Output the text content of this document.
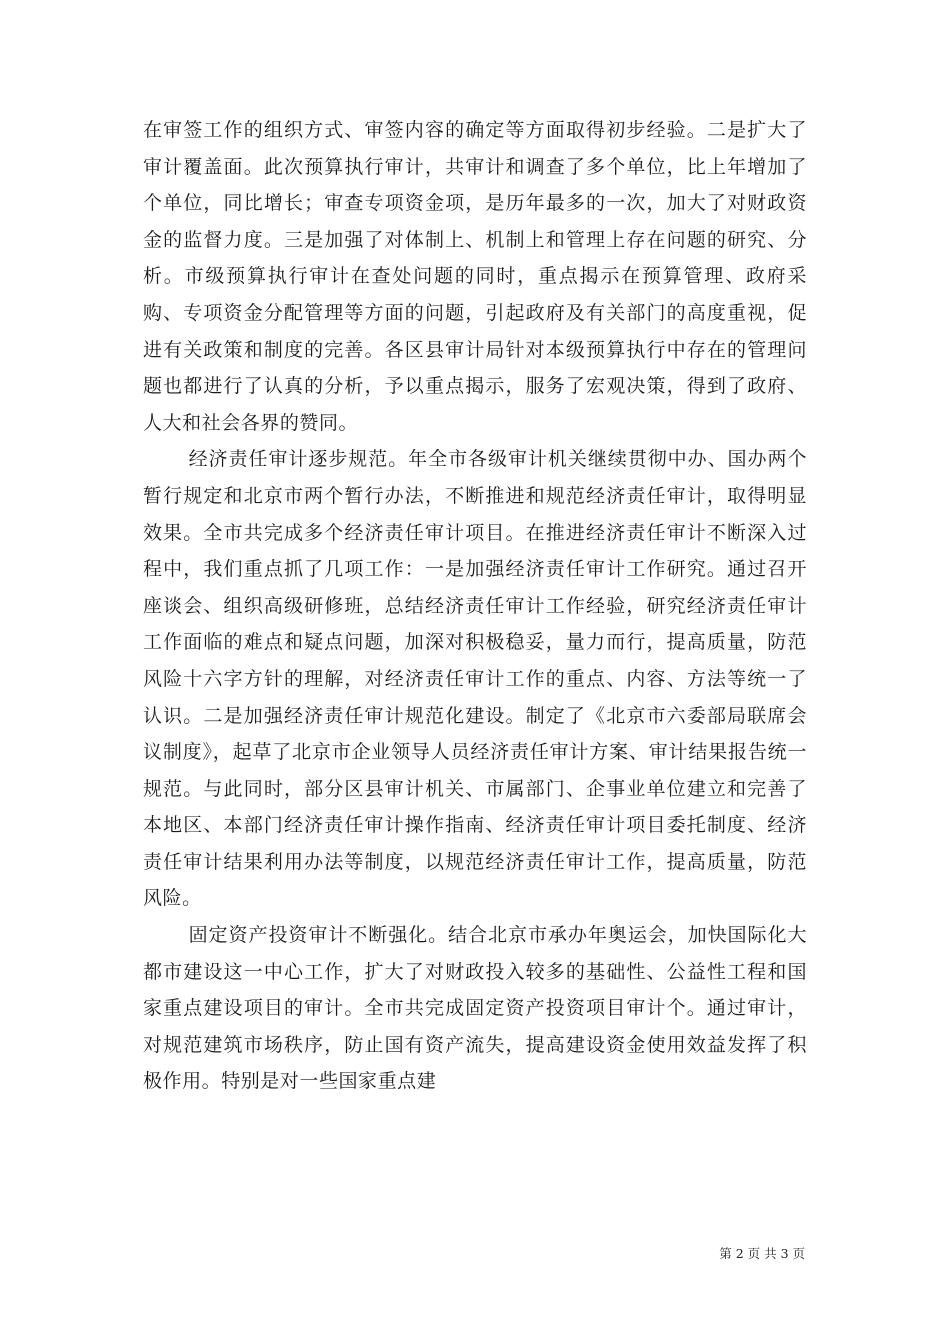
在审签工作的组织方式、审签内容的确定等方面取得初步经验。二是扩大了审计覆盖面。此次预算执行审计，共审计和调查了多个单位，比上年增加了个单位，同比增长；审查专项资金项，是历年最多的一次，加大了对财政资金的监督力度。三是加强了对体制上、机制上和管理上存在问题的研究、分析。市级预算执行审计在查处问题的同时，重点揭示在预算管理、政府采购、专项资金分配管理等方面的问题，引起政府及有关部门的高度重视，促进有关政策和制度的完善。各区县审计局针对本级预算执行中存在的管理问题也都进行了认真的分析，予以重点揭示，服务了宏观决策，得到了政府、人大和社会各界的赞同。

经济责任审计逐步规范。年全市各级审计机关继续贯彻中办、国办两个暂行规定和北京市两个暂行办法，不断推进和规范经济责任审计，取得明显效果。全市共完成多个经济责任审计项目。在推进经济责任审计不断深入过程中，我们重点抓了几项工作：一是加强经济责任审计工作研究。通过召开座谈会、组织高级研修班，总结经济责任审计工作经验，研究经济责任审计工作面临的难点和疑点问题，加深对积极稳妥，量力而行，提高质量，防范风险十六字方针的理解，对经济责任审计工作的重点、内容、方法等统一了认识。二是加强经济责任审计规范化建设。制定了《北京市六委部局联席会议制度》，起草了北京市企业领导人员经济责任审计方案、审计结果报告统一规范。与此同时，部分区县审计机关、市属部门、企事业单位建立和完善了本地区、本部门经济责任审计操作指南、经济责任审计项目委托制度、经济责任审计结果利用办法等制度，以规范经济责任审计工作，提高质量，防范风险。

固定资产投资审计不断强化。结合北京市承办年奥运会，加快国际化大都市建设这一中心工作，扩大了对财政投入较多的基础性、公益性工程和国家重点建设项目的审计。全市共完成固定资产投资项目审计个。通过审计，对规范建筑市场秩序，防止国有资产流失，提高建设资金使用效益发挥了积极作用。特别是对一些国家重点建

第 2 页 共 3 页
